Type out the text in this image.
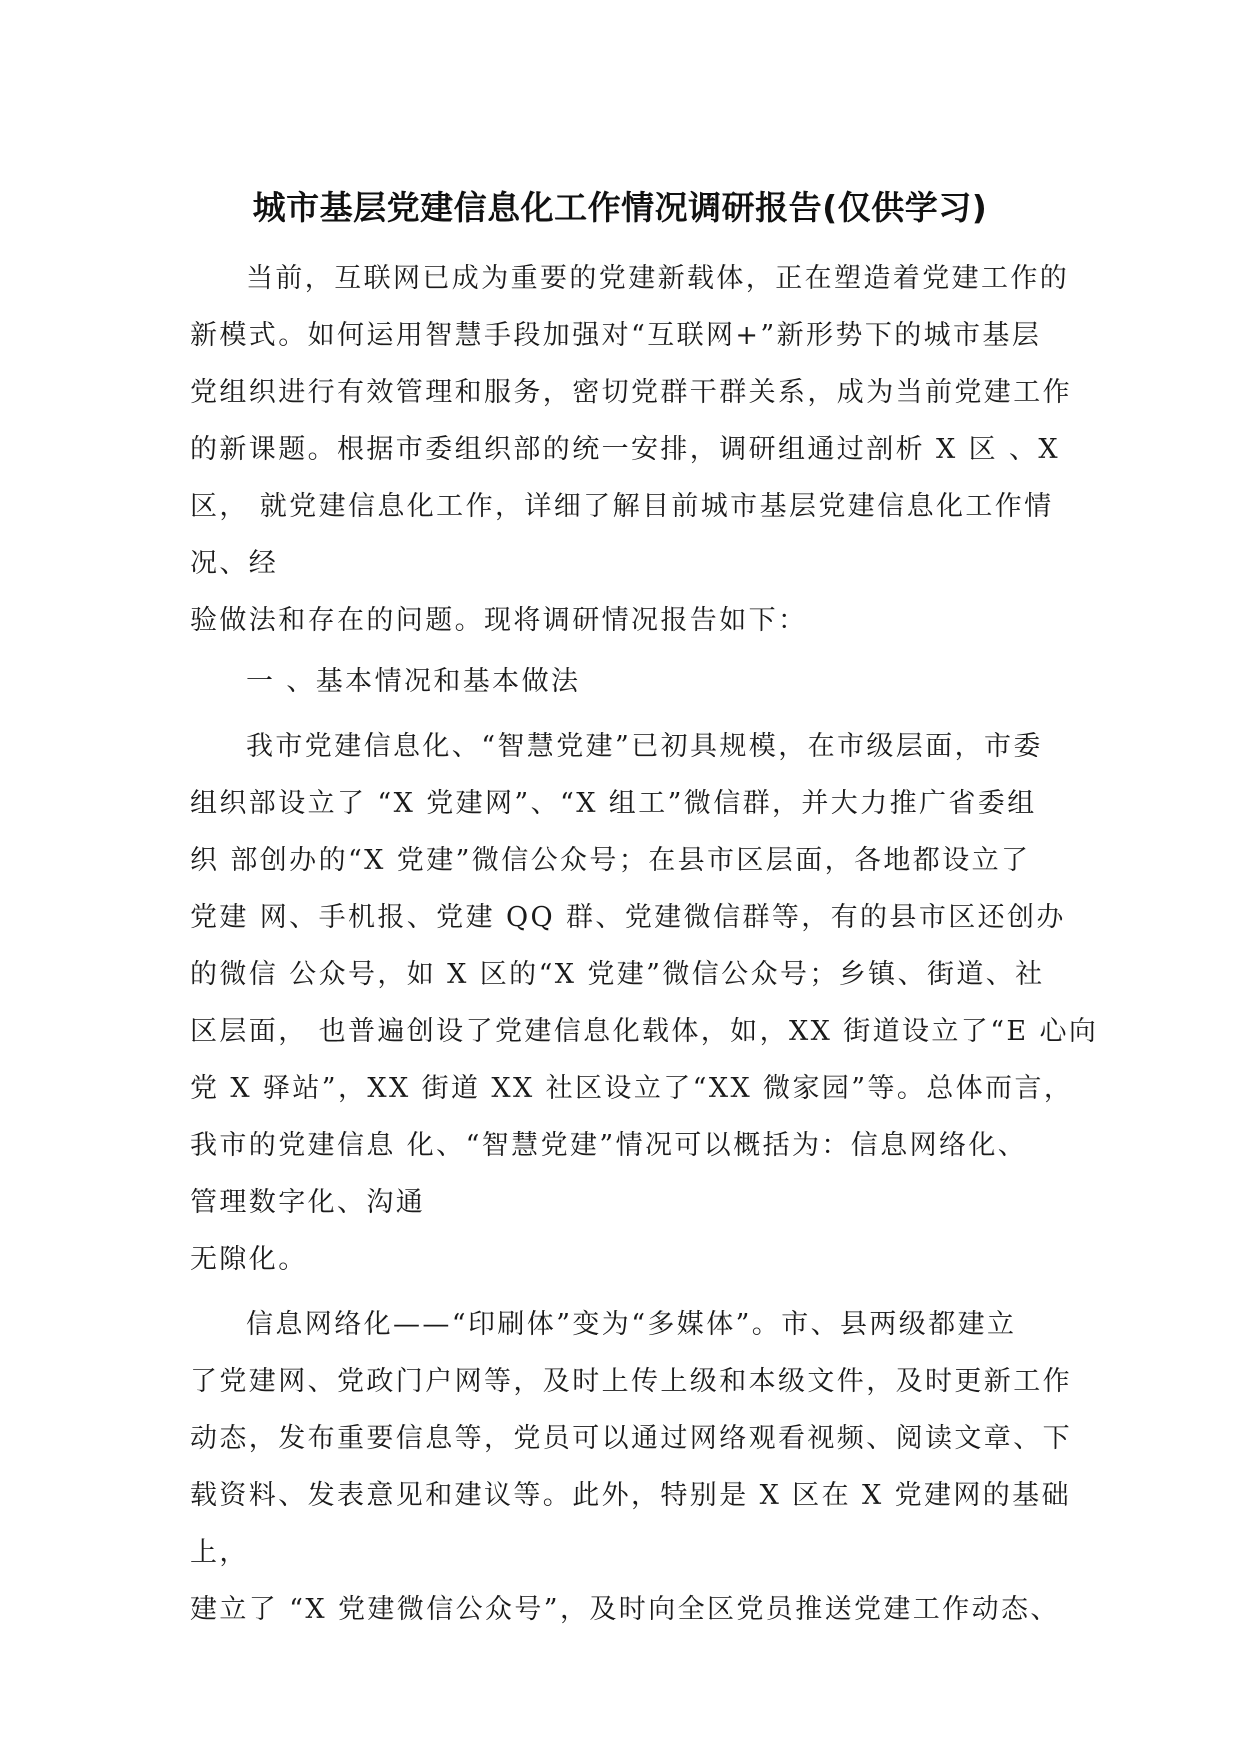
城市基层党建信息化工作情况调研报告(仅供学习)
当前，互联网已成为重要的党建新载体，正在塑造着党建工作的
新模式。如何运用智慧手段加强对“互联网+”新形势下的城市基层
党组织进行有效管理和服务，密切党群干群关系，成为当前党建工作
的新课题。根据市委组织部的统一安排，调研组通过剖析 X 区 、X
区， 就党建信息化工作，详细了解目前城市基层党建信息化工作情
况、经
验做法和存在的问题。现将调研情况报告如下：
一 、基本情况和基本做法
我市党建信息化、“智慧党建”已初具规模，在市级层面，市委
组织部设立了 “X 党建网”、“X 组工”微信群，并大力推广省委组
织 部创办的“X 党建”微信公众号；在县市区层面，各地都设立了
党建 网、手机报、党建 QQ 群、党建微信群等，有的县市区还创办
的微信 公众号，如 X 区的“X 党建”微信公众号；乡镇、街道、社
区层面， 也普遍创设了党建信息化载体，如，XX 街道设立了“E 心向
党 X 驿站”，XX 街道 XX 社区设立了“XX 微家园”等。总体而言，
我市的党建信息 化、“智慧党建”情况可以概括为：信息网络化、
管理数字化、沟通
无隙化。
信息网络化——“印刷体”变为“多媒体”。市、县两级都建立
了党建网、党政门户网等，及时上传上级和本级文件，及时更新工作
动态，发布重要信息等，党员可以通过网络观看视频、阅读文章、下
载资料、发表意见和建议等。此外，特别是 X 区在 X 党建网的基础
上，
建立了 “X 党建微信公众号”，及时向全区党员推送党建工作动态、
